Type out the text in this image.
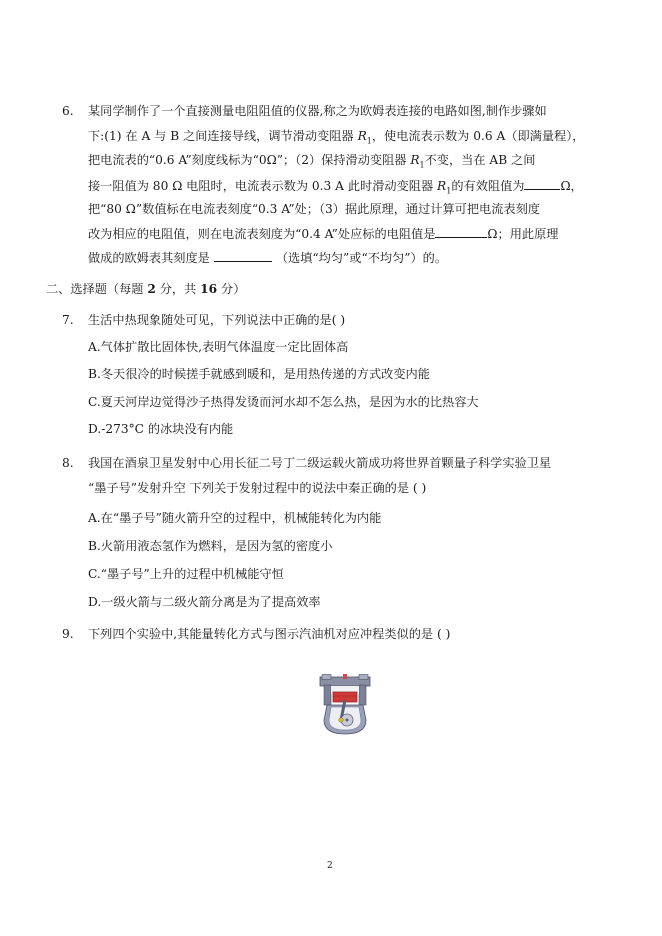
6. 某同学制作了一个直接测量电阻阻值的仪器,称之为欧姆表连接的电路如图,制作步骤如
下:(1) 在 A 与 B 之间连接导线，调节滑动变阻器 $R_1$，使电流表示数为 0.6 A（即满量程），
把电流表的“0.6 A”刻度线标为“0Ω”；（2）保持滑动变阻器 $R_1$不变，当在 AB 之间
接一阻值为 80 Ω 电阻时，电流表示数为 0.3 A 此时滑动变阻器 $R_1$的有效阻值为	Ω，
把“80 Ω”数值标在电流表刻度“0.3 A”处；（3）据此原理，通过计算可把电流表刻度
改为相应的电阻值，则在电流表刻度为“0.4 A”处应标的电阻值是	Ω；用此原理
做成的欧姆表其刻度是	（选填“均匀”或“不均匀”）的。
二、选择题（每题 2 分，共 16 分）
7. 生活中热现象随处可见，下列说法中正确的是( )
A.气体扩散比固体快,表明气体温度一定比固体高
B.冬天很冷的时候搓手就感到暖和，是用热传递的方式改变内能
C.夏天河岸边觉得沙子热得发烫而河水却不怎么热，是因为水的比热容大
D.-273°C 的冰块没有内能
8. 我国在酒泉卫星发射中心用长征二号丁二级运载火箭成功将世界首颗量子科学实验卫星
“墨子号”发射升空 下列关于发射过程中的说法中秦正确的是 ( )
A.在“墨子号”随火箭升空的过程中，机械能转化为内能
B.火箭用液态氢作为燃料，是因为氢的密度小
C.“墨子号”上升的过程中机械能守恒
D.一级火箭与二级火箭分离是为了提高效率
9. 下列四个实验中,其能量转化方式与图示汽油机对应冲程类似的是 ( )
2
